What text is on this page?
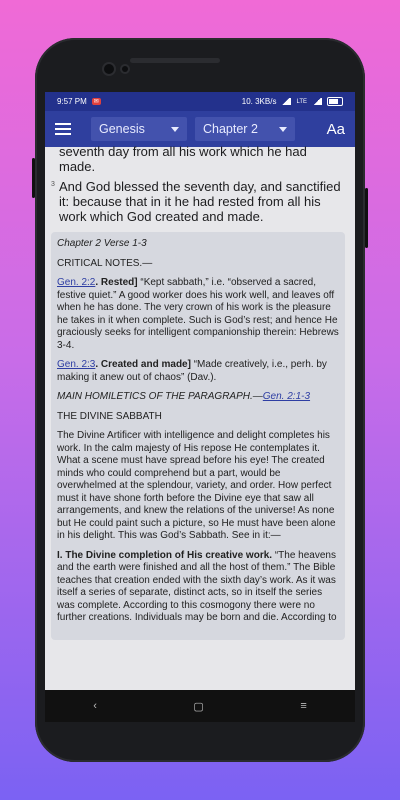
9:57 PM	✉	10. 3KB/s	LTE
Genesis	Chapter 2	Aa
seventh day from all his work which he had made.
3 And God blessed the seventh day, and sanctified it: because that in it he had rested from all his work which God created and made.

Chapter 2 Verse 1-3

CRITICAL NOTES.—

Gen. 2:2. Rested] “Kept sabbath,” i.e. “observed a sacred, festive quiet.” A good worker does his work well, and leaves off when he has done. The very crown of his work is the pleasure he takes in it when complete. Such is God’s rest; and hence He graciously seeks for intelligent companionship therein: Hebrews 3-4.

Gen. 2:3. Created and made] “Made creatively, i.e., perh. by making it anew out of chaos” (Dav.).

MAIN HOMILETICS OF THE PARAGRAPH.—Gen. 2:1-3

THE DIVINE SABBATH

The Divine Artificer with intelligence and delight completes his work. In the calm majesty of His repose He contemplates it. What a scene must have spread before his eye! The created minds who could comprehend but a part, would be overwhelmed at the splendour, variety, and order. How perfect must it have shone forth before the Divine eye that saw all arrangements, and knew the relations of the universe! As none but He could paint such a picture, so He must have been alone in his delight. This was God’s Sabbath. See in it:—

I. The Divine completion of His creative work. “The heavens and the earth were finished and all the host of them.” The Bible teaches that creation ended with the sixth day’s work. As it was itself a series of separate, distinct acts, so in itself the series was complete. According to this cosmogony there were no further creations. Individuals may be born and die. According to

‹	▢	≡
